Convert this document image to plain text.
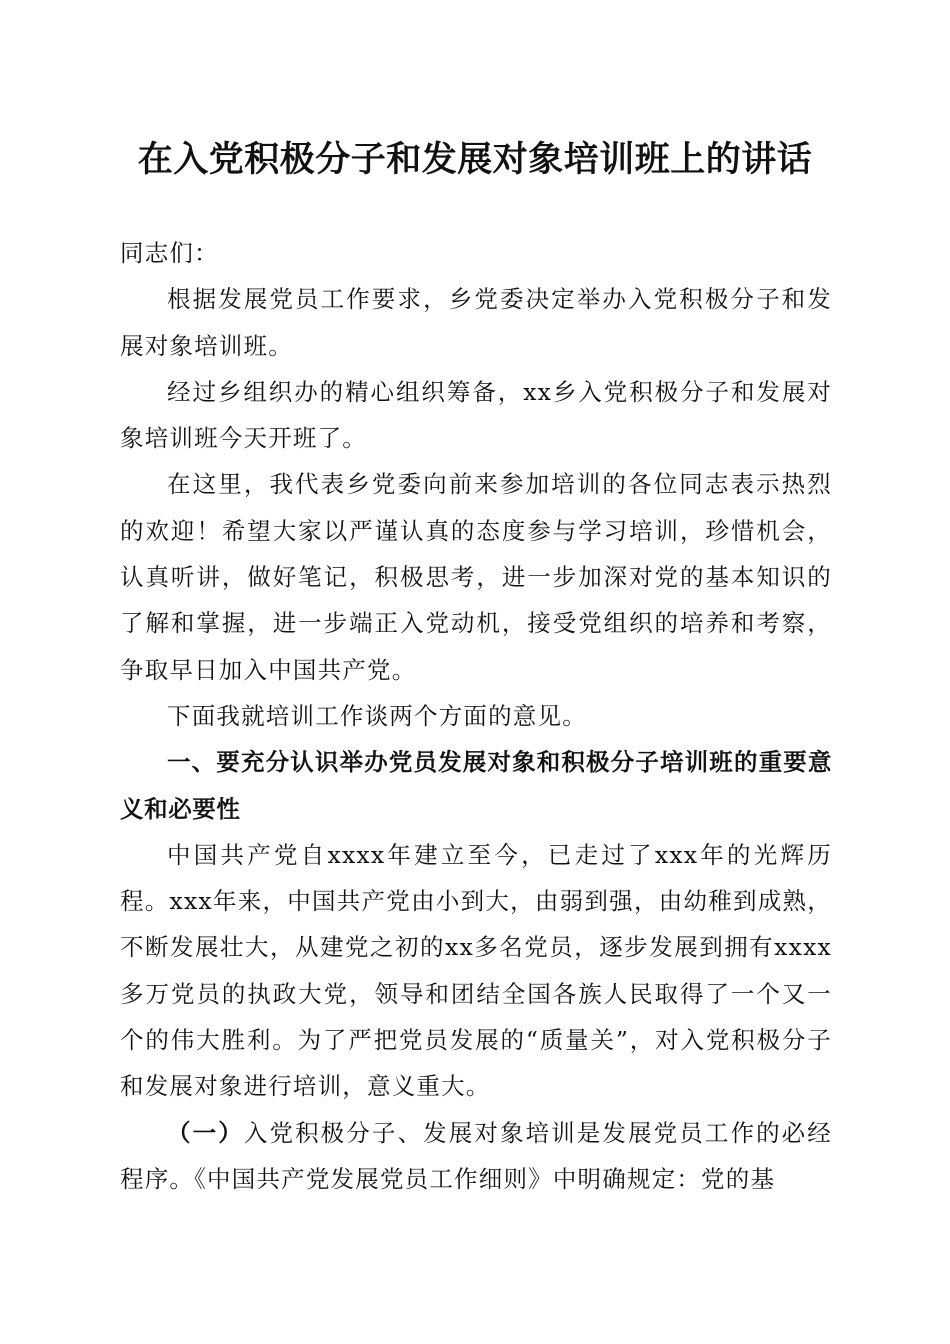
在入党积极分子和发展对象培训班上的讲话

同志们：

根据发展党员工作要求，乡党委决定举办入党积极分子和发展对象培训班。

经过乡组织办的精心组织筹备，xx乡入党积极分子和发展对象培训班今天开班了。

在这里，我代表乡党委向前来参加培训的各位同志表示热烈的欢迎！希望大家以严谨认真的态度参与学习培训，珍惜机会，认真听讲，做好笔记，积极思考，进一步加深对党的基本知识的了解和掌握，进一步端正入党动机，接受党组织的培养和考察，争取早日加入中国共产党。

下面我就培训工作谈两个方面的意见。

一、要充分认识举办党员发展对象和积极分子培训班的重要意义和必要性

中国共产党自xxxx年建立至今，已走过了xxx年的光辉历程。xxx年来，中国共产党由小到大，由弱到强，由幼稚到成熟，不断发展壮大，从建党之初的xx多名党员，逐步发展到拥有xxxx多万党员的执政大党，领导和团结全国各族人民取得了一个又一个的伟大胜利。为了严把党员发展的“质量关”，对入党积极分子和发展对象进行培训，意义重大。

（一）入党积极分子、发展对象培训是发展党员工作的必经程序。《中国共产党发展党员工作细则》中明确规定：党的基
